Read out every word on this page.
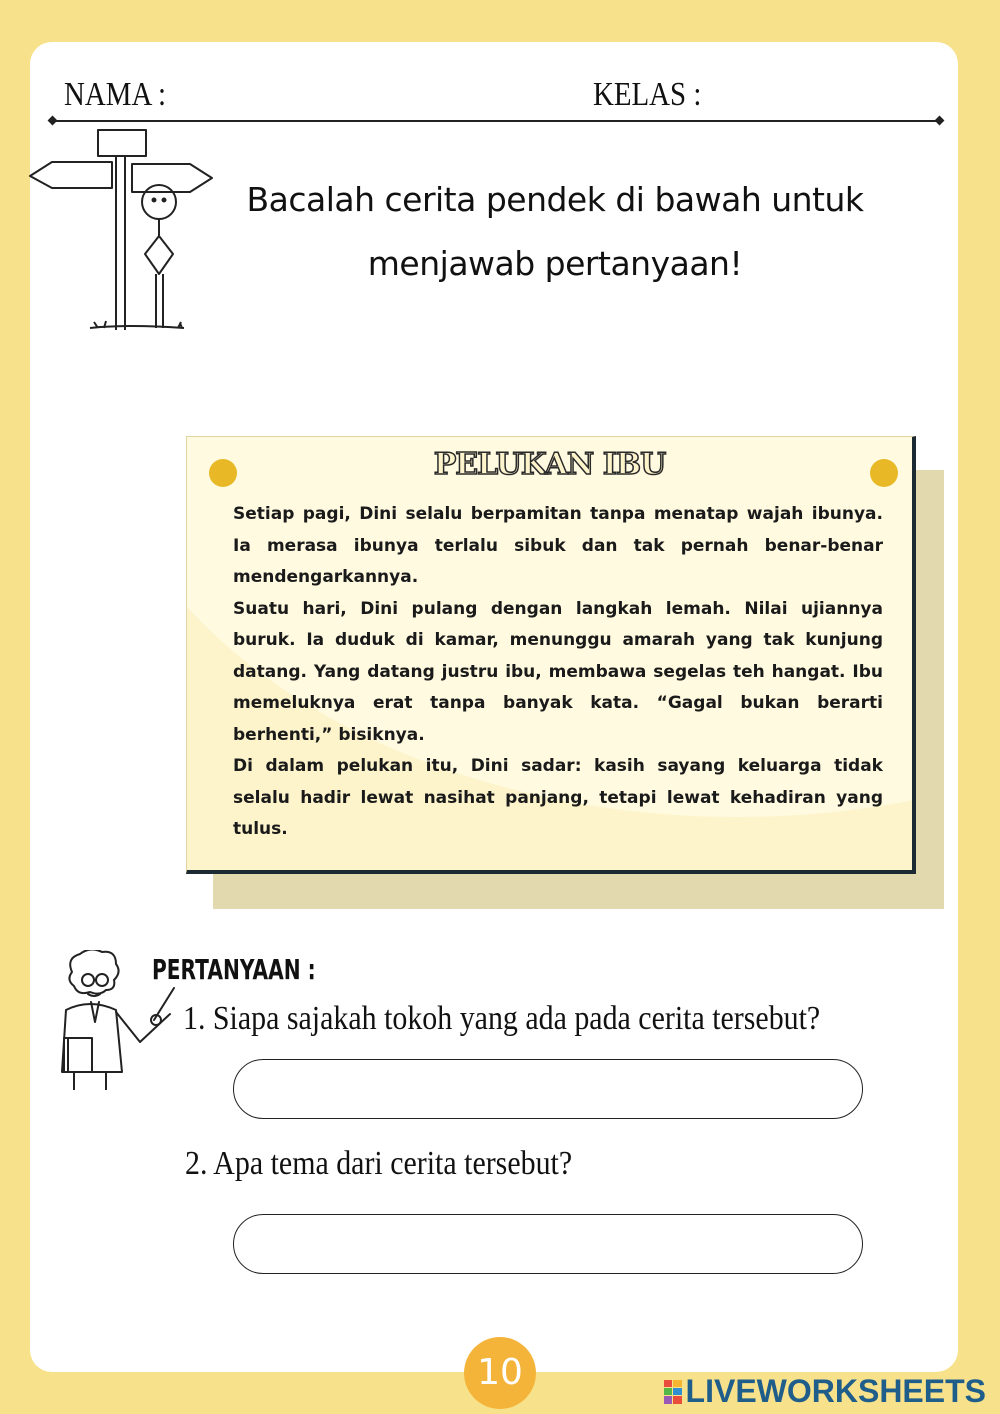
NAMA :	KELAS :
Bacalah cerita pendek di bawah untuk menjawab pertanyaan!
PELUKAN IBU

Setiap pagi, Dini selalu berpamitan tanpa menatap wajah ibunya. Ia merasa ibunya terlalu sibuk dan tak pernah benar-benar mendengarkannya.

Suatu hari, Dini pulang dengan langkah lemah. Nilai ujiannya buruk. Ia duduk di kamar, menunggu amarah yang tak kunjung datang. Yang datang justru ibu, membawa segelas teh hangat. Ibu memeluknya erat tanpa banyak kata. “Gagal bukan berarti berhenti,” bisiknya.

Di dalam pelukan itu, Dini sadar: kasih sayang keluarga tidak selalu hadir lewat nasihat panjang, tetapi lewat kehadiran yang tulus.

PERTANYAAN :
1. Siapa sajakah tokoh yang ada pada cerita tersebut?
2. Apa tema dari cerita tersebut?
10	LIVEWORKSHEETS
